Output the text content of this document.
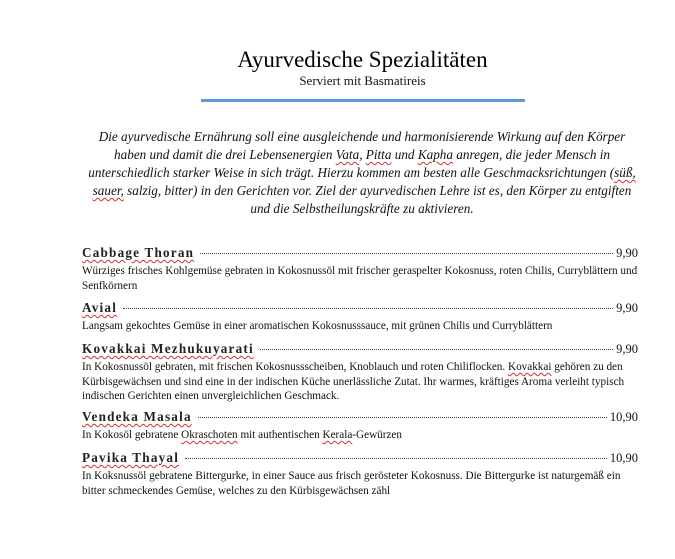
Ayurvedische Spezialitäten
Serviert mit Basmatireis
Die ayurvedische Ernährung soll eine ausgleichende und harmonisierende Wirkung auf den Körper haben und damit die drei Lebensenergien Vata, Pitta und Kapha anregen, die jeder Mensch in unterschiedlich starker Weise in sich trägt. Hierzu kommen am besten alle Geschmacksrichtungen (süß, sauer, salzig, bitter) in den Gerichten vor. Ziel der ayurvedischen Lehre ist es, den Körper zu entgiften und die Selbstheilungskräfte zu aktivieren.
Cabbage Thoran	9,90
Würziges frisches Kohlgemüse gebraten in Kokosnussöl mit frischer geraspelter Kokosnuss, roten Chilis, Curryblättern und Senfkörnern
Avial	9,90
Langsam gekochtes Gemüse in einer aromatischen Kokosnusssauce, mit grünen Chilis und Curryblättern
Kovakkai Mezhukuyarati	9,90
In Kokosnussöl gebraten, mit frischen Kokosnussscheiben, Knoblauch und roten Chiliflocken. Kovakkai gehören zu den Kürbisgewächsen und sind eine in der indischen Küche unerlässliche Zutat. Ihr warmes, kräftiges Aroma verleiht typisch indischen Gerichten einen unvergleichlichen Geschmack.
Vendeka Masala	10,90
In Kokosöl gebratene Okraschoten mit authentischen Kerala-Gewürzen
Pavika Thayal	10,90
In Koksnussöl gebratene Bittergurke, in einer Sauce aus frisch gerösteter Kokosnuss. Die Bittergurke ist naturgemäß ein bitter schmeckendes Gemüse, welches zu den Kürbisgewächsen zähl
